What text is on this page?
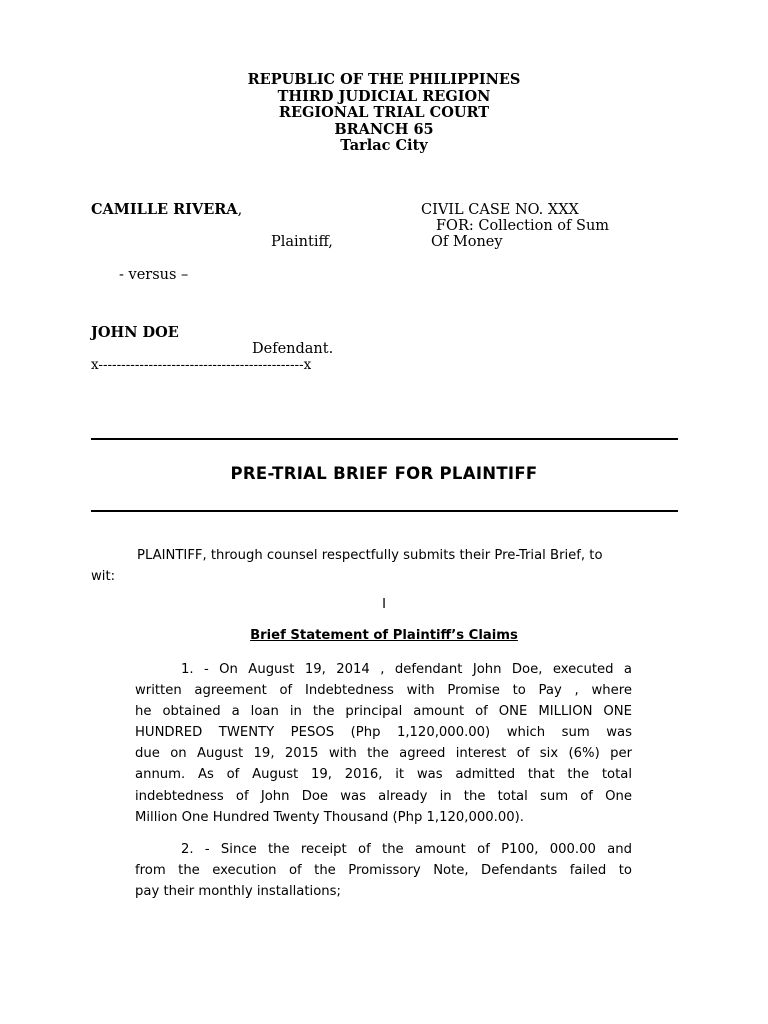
REPUBLIC OF THE PHILIPPINES
THIRD JUDICIAL REGION
REGIONAL TRIAL COURT
BRANCH 65
Tarlac City
CAMILLE RIVERA,	CIVIL CASE NO. XXX
FOR: Collection of Sum
Plaintiff,	Of Money
- versus –
JOHN DOE
Defendant.
x---------------------------------------------x
PRE-TRIAL BRIEF FOR PLAINTIFF
PLAINTIFF, through counsel respectfully submits their Pre-Trial Brief, to
wit:
I
Brief Statement of Plaintiff’s Claims
1. - On August 19, 2014 , defendant John Doe, executed a
written agreement of Indebtedness with Promise to Pay , where
he obtained a loan in the principal amount of ONE MILLION ONE
HUNDRED TWENTY PESOS (Php 1,120,000.00) which sum was
due on August 19, 2015 with the agreed interest of six (6%) per
annum. As of August 19, 2016, it was admitted that the total
indebtedness of John Doe was already in the total sum of One
Million One Hundred Twenty Thousand (Php 1,120,000.00).
2. - Since the receipt of the amount of P100, 000.00 and
from the execution of the Promissory Note, Defendants failed to
pay their monthly installations;
